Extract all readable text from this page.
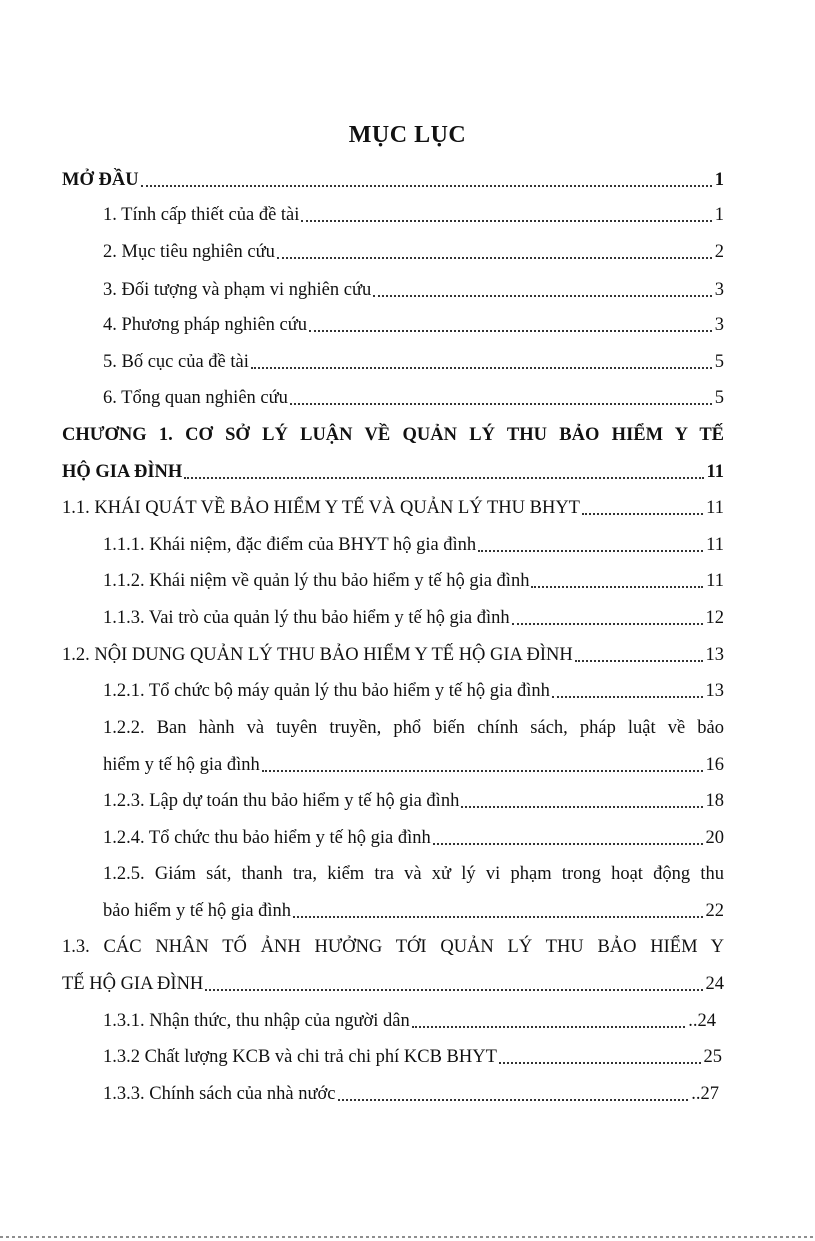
MỤC LỤC
MỞ ĐẦU	1
1. Tính cấp thiết của đề tài	1
2. Mục tiêu nghiên cứu	2
3. Đối tượng và phạm vi nghiên cứu	3
4. Phương pháp nghiên cứu	3
5. Bố cục của đề tài	5
6. Tổng quan nghiên cứu	5
CHƯƠNG 1. CƠ SỞ LÝ LUẬN VỀ QUẢN LÝ THU BẢO HIỂM Y TẾ
HỘ GIA ĐÌNH	11
1.1. KHÁI QUÁT VỀ BẢO HIỂM Y TẾ VÀ QUẢN LÝ THU BHYT	11
1.1.1. Khái niệm, đặc điểm của BHYT hộ gia đình	11
1.1.2. Khái niệm về quản lý thu bảo hiểm y tế hộ gia đình	11
1.1.3. Vai trò của quản lý thu bảo hiểm y tế hộ gia đình	12
1.2. NỘI DUNG QUẢN LÝ THU BẢO HIỂM Y TẾ HỘ GIA ĐÌNH	13
1.2.1. Tổ chức bộ máy quản lý thu bảo hiểm y tế hộ gia đình	13
1.2.2. Ban hành và tuyên truyền, phổ biến chính sách, pháp luật về bảo
hiểm y tế hộ gia đình	16
1.2.3. Lập dự toán thu bảo hiểm y tế hộ gia đình	18
1.2.4. Tổ chức thu bảo hiểm y tế hộ gia đình	20
1.2.5. Giám sát, thanh tra, kiểm tra và xử lý vi phạm trong hoạt động thu
bảo hiểm y tế hộ gia đình	22
1.3. CÁC NHÂN TỐ ẢNH HƯỞNG TỚI QUẢN LÝ THU BẢO HIỂM Y
TẾ HỘ GIA ĐÌNH	24
1.3.1. Nhận thức, thu nhập của người dân	..24
1.3.2 Chất lượng KCB và chi trả chi phí KCB BHYT	25
1.3.3. Chính sách của nhà nước	..27
